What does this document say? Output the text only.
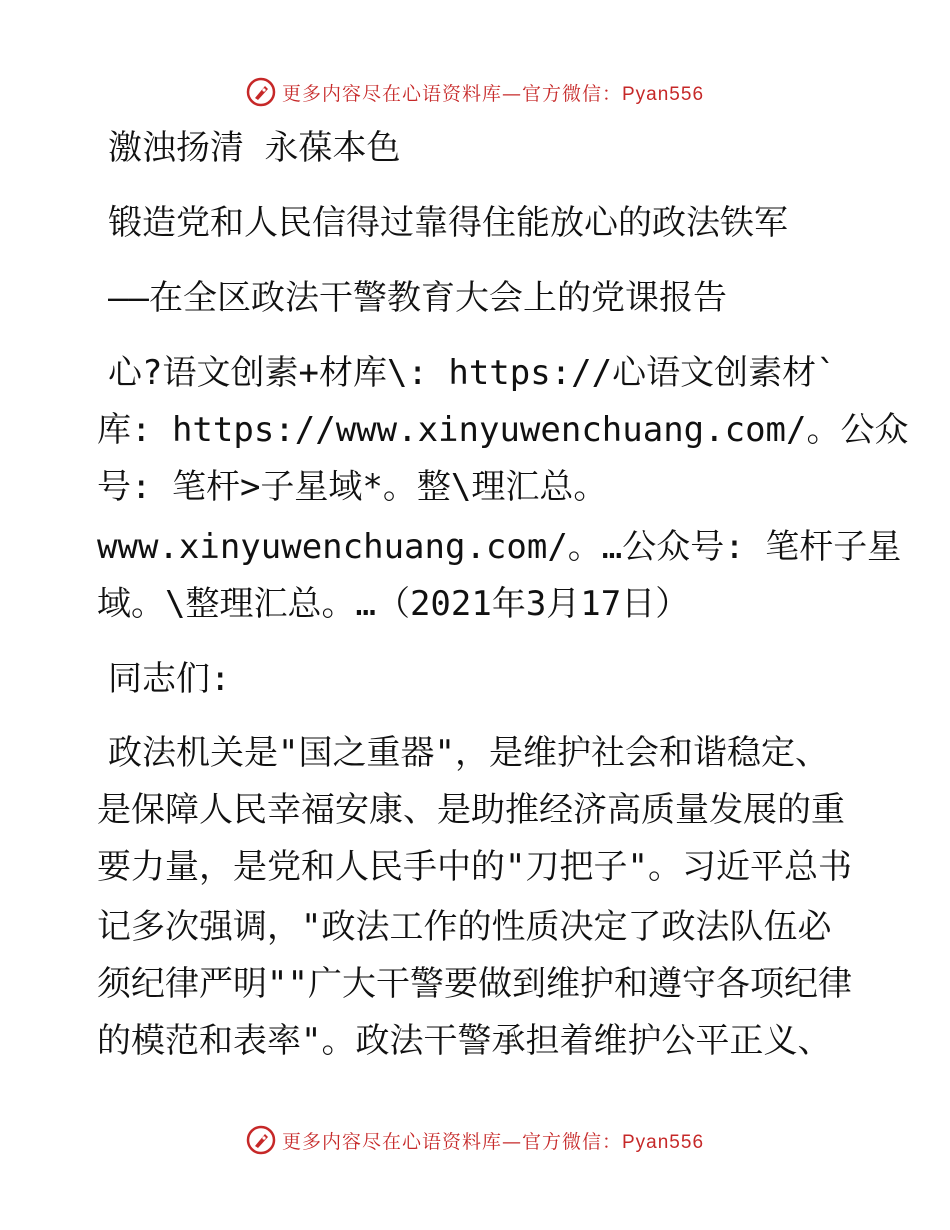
更多内容尽在心语资料库—官方微信：Pyan556
激浊扬清 永葆本色
锻造党和人民信得过靠得住能放心的政法铁军
——在全区政法干警教育大会上的党课报告
心?语文创素+材库\: https://心语文创素材`
库: https://www.xinyuwenchuang.com/。公众
号: 笔杆>子星域*。整\理汇总。
www.xinyuwenchuang.com/。…公众号: 笔杆子星
域。\整理汇总。…（2021年3月17日）
同志们:
政法机关是"国之重器"，是维护社会和谐稳定、
是保障人民幸福安康、是助推经济高质量发展的重
要力量，是党和人民手中的"刀把子"。习近平总书
记多次强调，"政法工作的性质决定了政法队伍必
须纪律严明""广大干警要做到维护和遵守各项纪律
的模范和表率"。政法干警承担着维护公平正义、
更多内容尽在心语资料库—官方微信：Pyan556
